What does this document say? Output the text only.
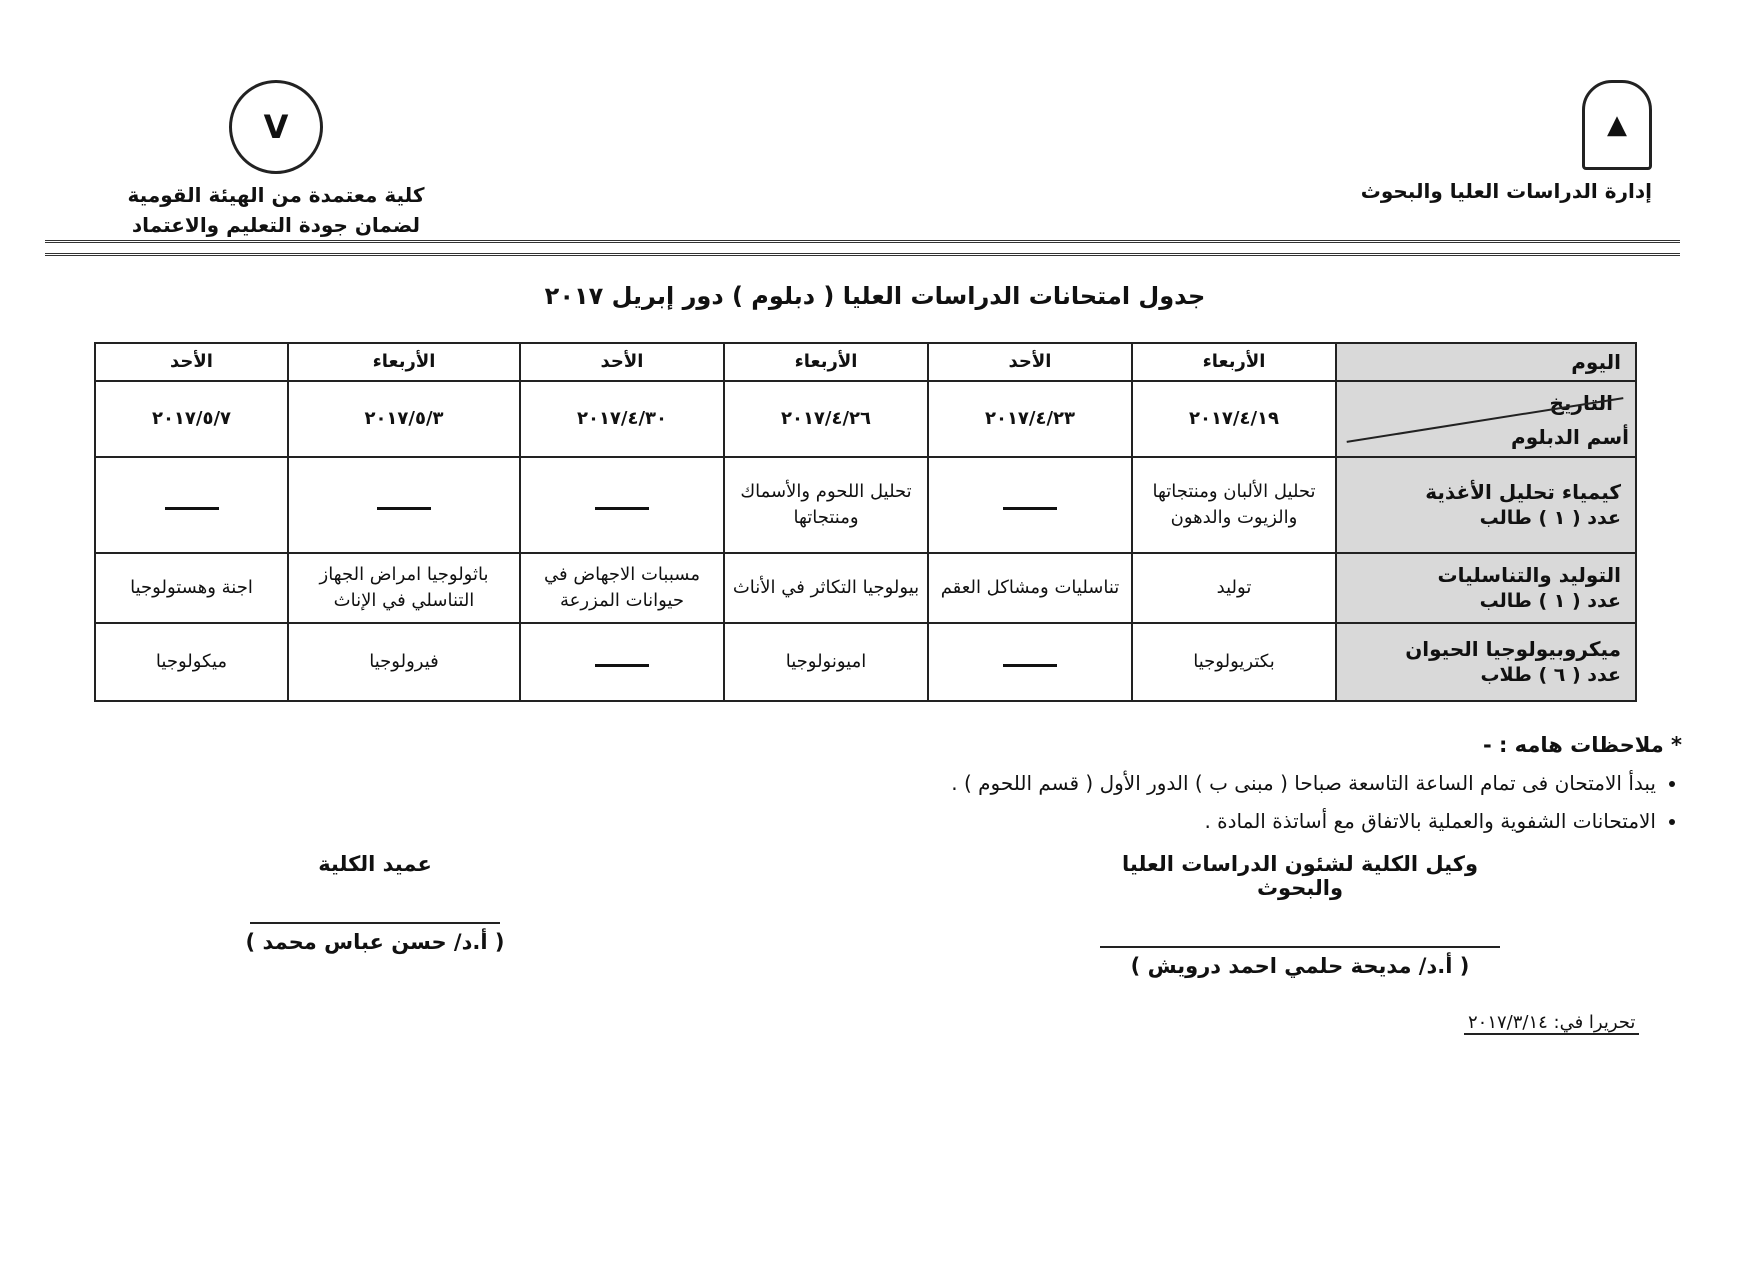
▲
إدارة الدراسات العليا والبحوث
V
كلية معتمدة من الهيئة القومية
لضمان جودة التعليم والاعتماد
جدول امتحانات الدراسات العليا ( دبلوم ) دور إبريل ٢٠١٧
اليوم	الأربعاء	الأحد	الأربعاء	الأحد	الأربعاء	الأحد

التاريخ
أسم الدبلوم	٢٠١٧/٤/١٩	٢٠١٧/٤/٢٣	٢٠١٧/٤/٢٦	٢٠١٧/٤/٣٠	٢٠١٧/٥/٣	٢٠١٧/٥/٧

كيمياء تحليل الأغذية
عدد ( ١ ) طالب	تحليل الألبان ومنتجاتها والزيوت والدهون		تحليل اللحوم والأسماك ومنتجاتها			

التوليد والتناسليات
عدد ( ١ ) طالب	توليد	تناسليات ومشاكل العقم	بيولوجيا التكاثر في الأناث	مسببات الاجهاض في حيوانات المزرعة	باثولوجيا امراض الجهاز التناسلي في الإناث	اجنة وهستولوجيا

ميكروبيولوجيا الحيوان
عدد ( ٦ ) طلاب	بكتريولوجيا		اميونولوجيا		فيرولوجيا	ميكولوجيا
* ملاحظات هامه : -
• يبدأ الامتحان فى تمام الساعة التاسعة صباحا ( مبنى ب ) الدور الأول ( قسم اللحوم ) .
• الامتحانات الشفوية والعملية بالاتفاق مع أساتذة المادة .
عميد الكلية
( أ.د/ حسن عباس محمد )
وكيل الكلية لشئون الدراسات العليا والبحوث
( أ.د/ مديحة حلمي احمد درويش )
تحريرا في: ٢٠١٧/٣/١٤
